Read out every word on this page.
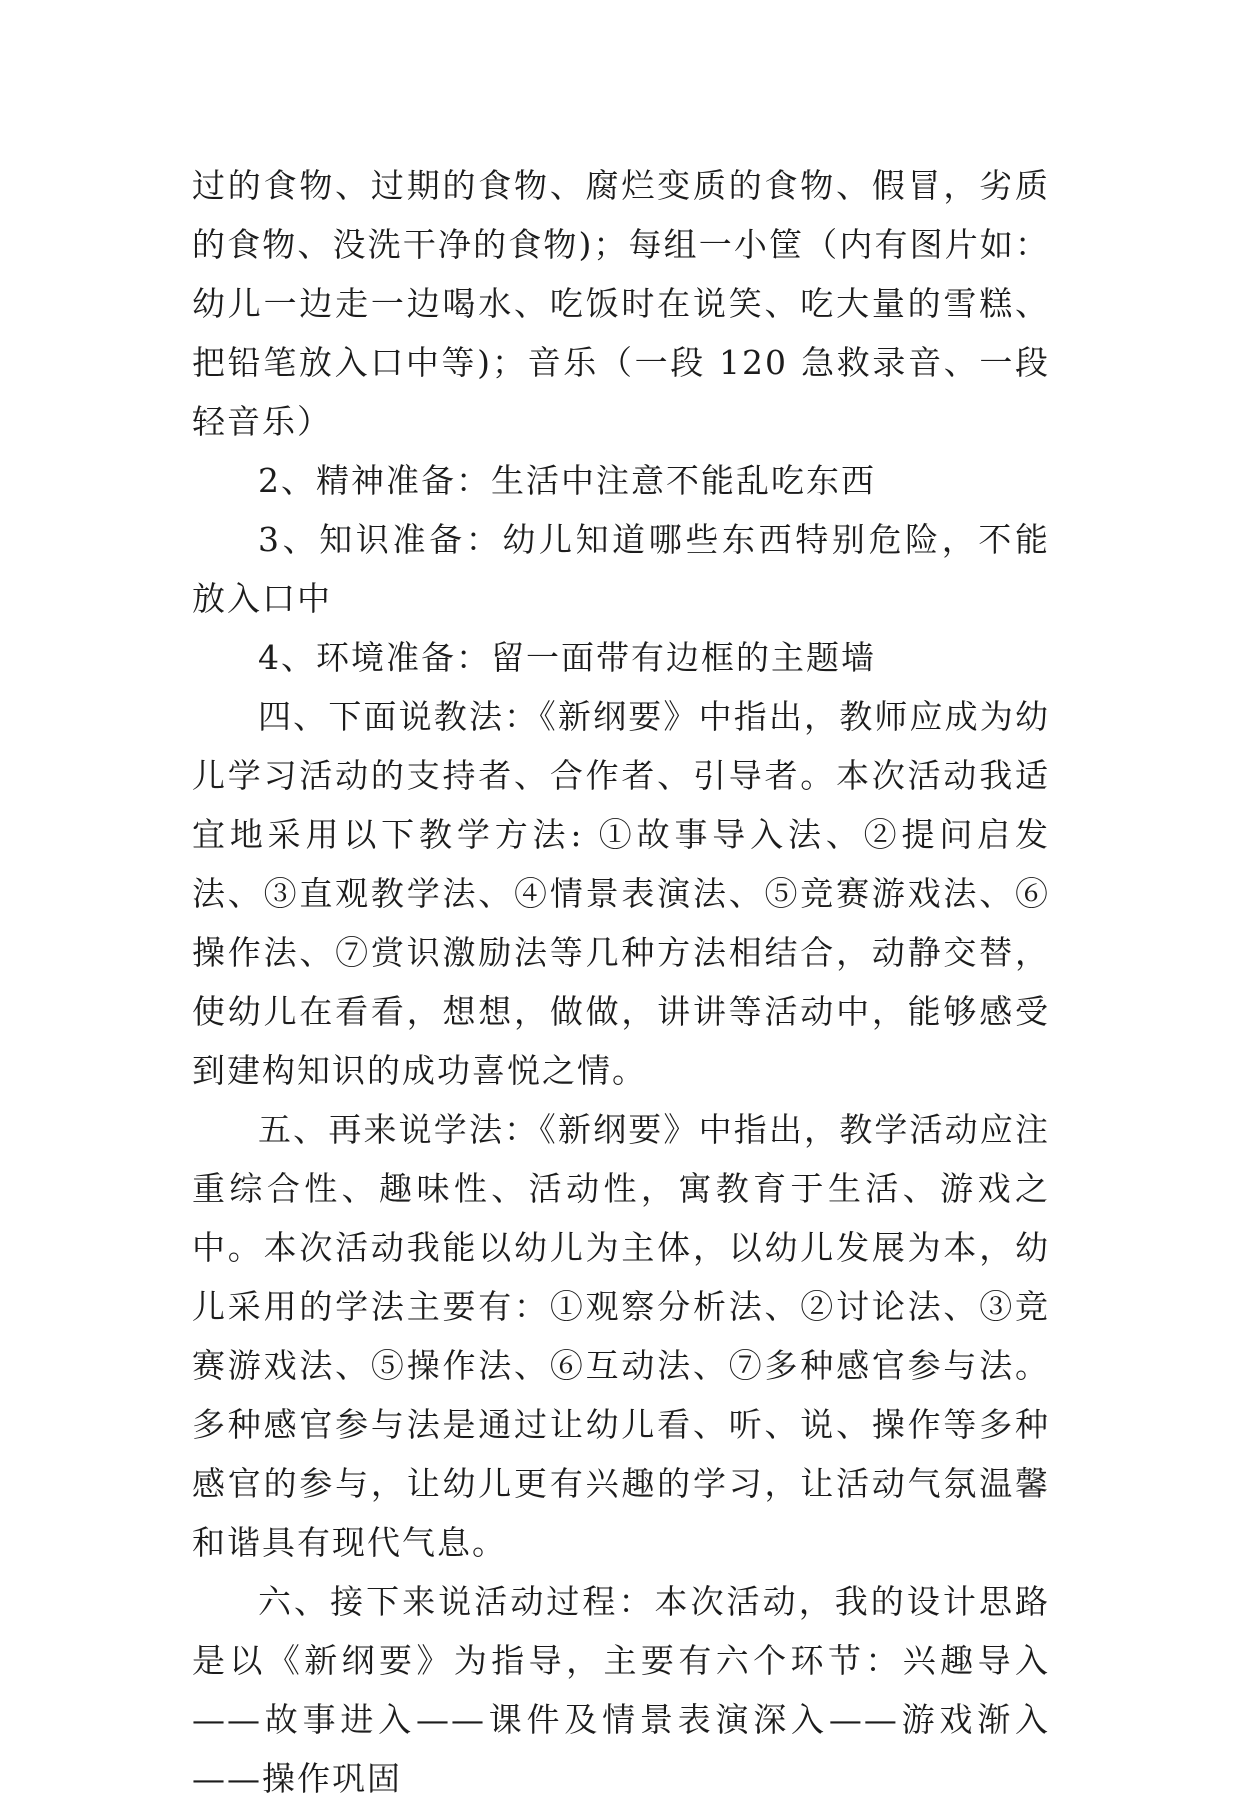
过的食物、过期的食物、腐烂变质的食物、假冒，劣质的食物、没洗干净的食物)；每组一小筐（内有图片如：幼儿一边走一边喝水、吃饭时在说笑、吃大量的雪糕、把铅笔放入口中等)；音乐（一段 120 急救录音、一段轻音乐）

2、精神准备：生活中注意不能乱吃东西

3、知识准备：幼儿知道哪些东西特别危险，不能放入口中

4、环境准备：留一面带有边框的主题墙

四、下面说教法：《新纲要》中指出，教师应成为幼儿学习活动的支持者、合作者、引导者。本次活动我适宜地采用以下教学方法: ①故事导入法、②提问启发法、③直观教学法、④情景表演法、⑤竞赛游戏法、⑥操作法、⑦赏识激励法等几种方法相结合，动静交替，使幼儿在看看，想想，做做，讲讲等活动中，能够感受到建构知识的成功喜悦之情。

五、再来说学法：《新纲要》中指出，教学活动应注重综合性、趣味性、活动性，寓教育于生活、游戏之中。本次活动我能以幼儿为主体，以幼儿发展为本，幼儿采用的学法主要有：①观察分析法、②讨论法、③竞赛游戏法、⑤操作法、⑥互动法、⑦多种感官参与法。多种感官参与法是通过让幼儿看、听、说、操作等多种感官的参与，让幼儿更有兴趣的学习，让活动气氛温馨和谐具有现代气息。

六、接下来说活动过程：本次活动，我的设计思路是以《新纲要》为指导，主要有六个环节：兴趣导入——故事进入——课件及情景表演深入——游戏渐入——操作巩固
